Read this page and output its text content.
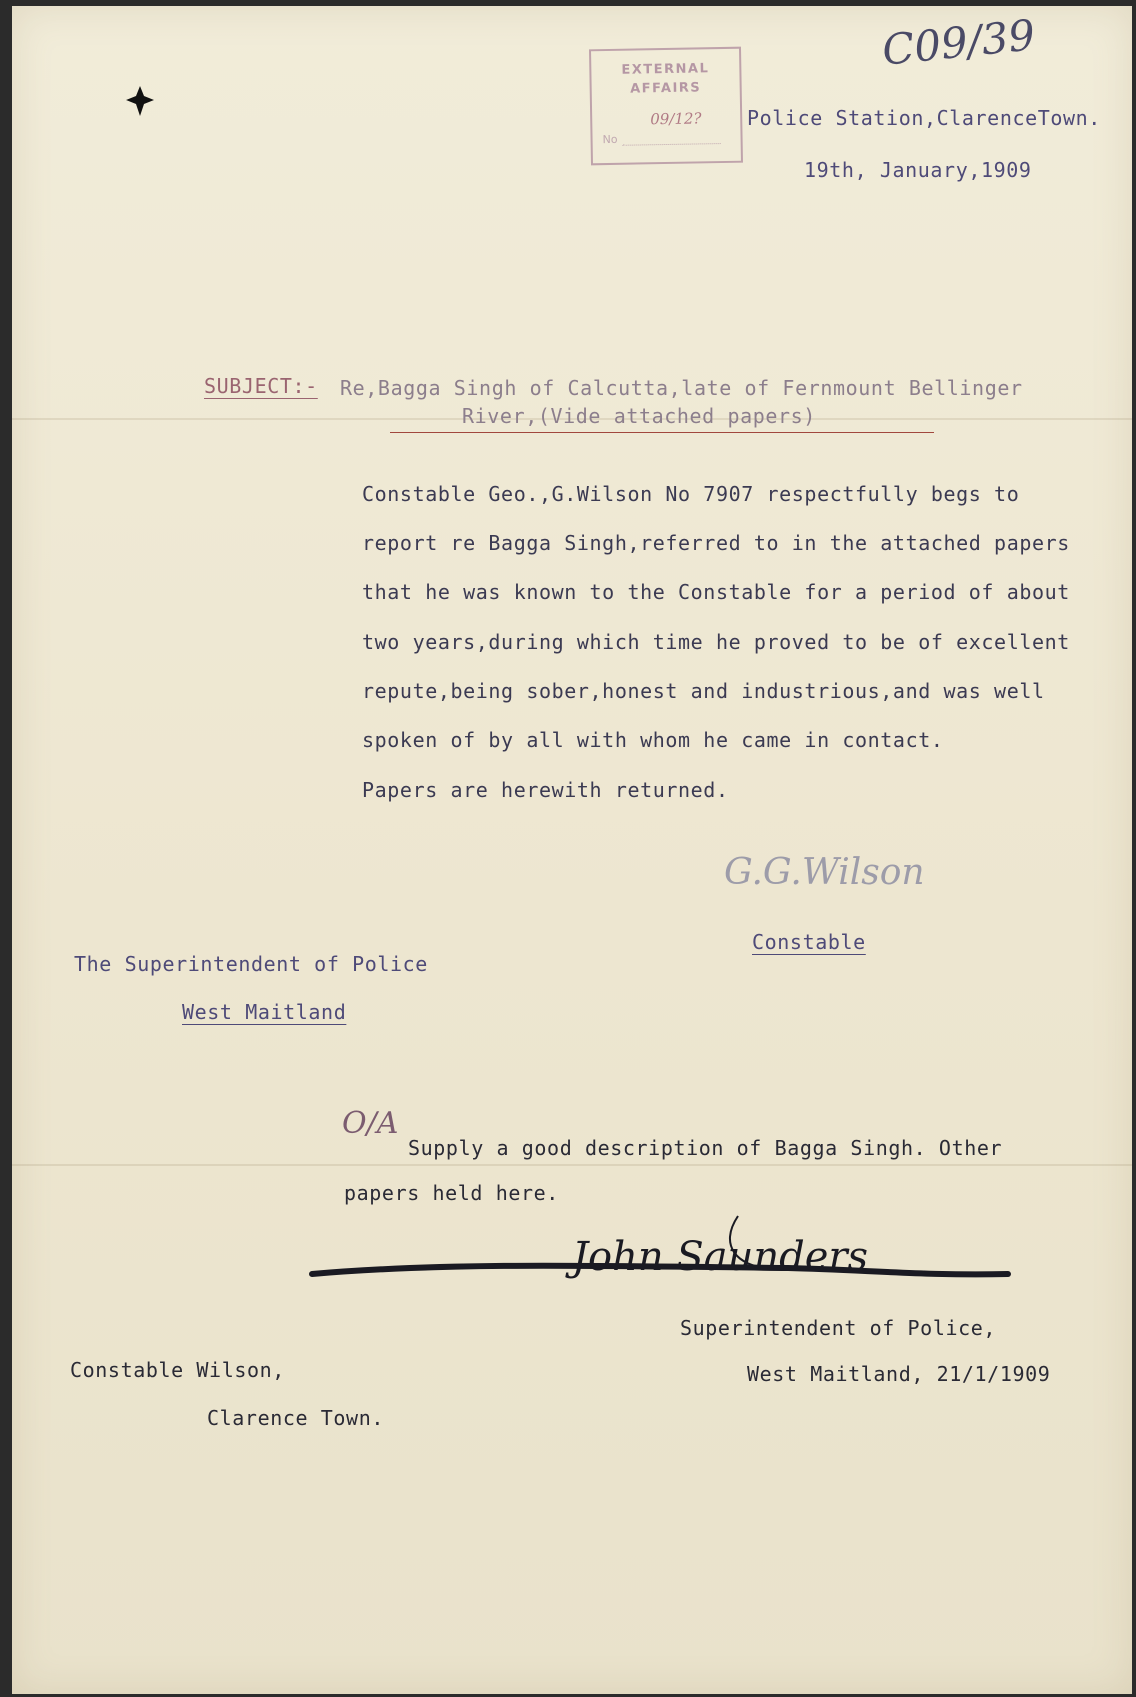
EXTERNAL
AFFAIRS
09/12?
No
C09/39
Police Station,ClarenceTown.
19th, January,1909
SUBJECT:- Re,Bagga Singh of Calcutta,late of Fernmount Bellinger
River,(Vide attached papers)
Constable Geo.,G.Wilson No 7907 respectfully begs to
report re Bagga Singh,referred to in the attached papers
that he was known to the Constable for a period of about
two years,during which time he proved to be of excellent
repute,being sober,honest and industrious,and was well
spoken of by all with whom he came in contact.
Papers are herewith returned.
G.G.Wilson
Constable
The Superintendent of Police
West Maitland
O/A
Supply a good description of Bagga Singh. Other
papers held here.
John Saunders
Superintendent of Police,
West Maitland, 21/1/1909
Constable Wilson,
Clarence Town.
